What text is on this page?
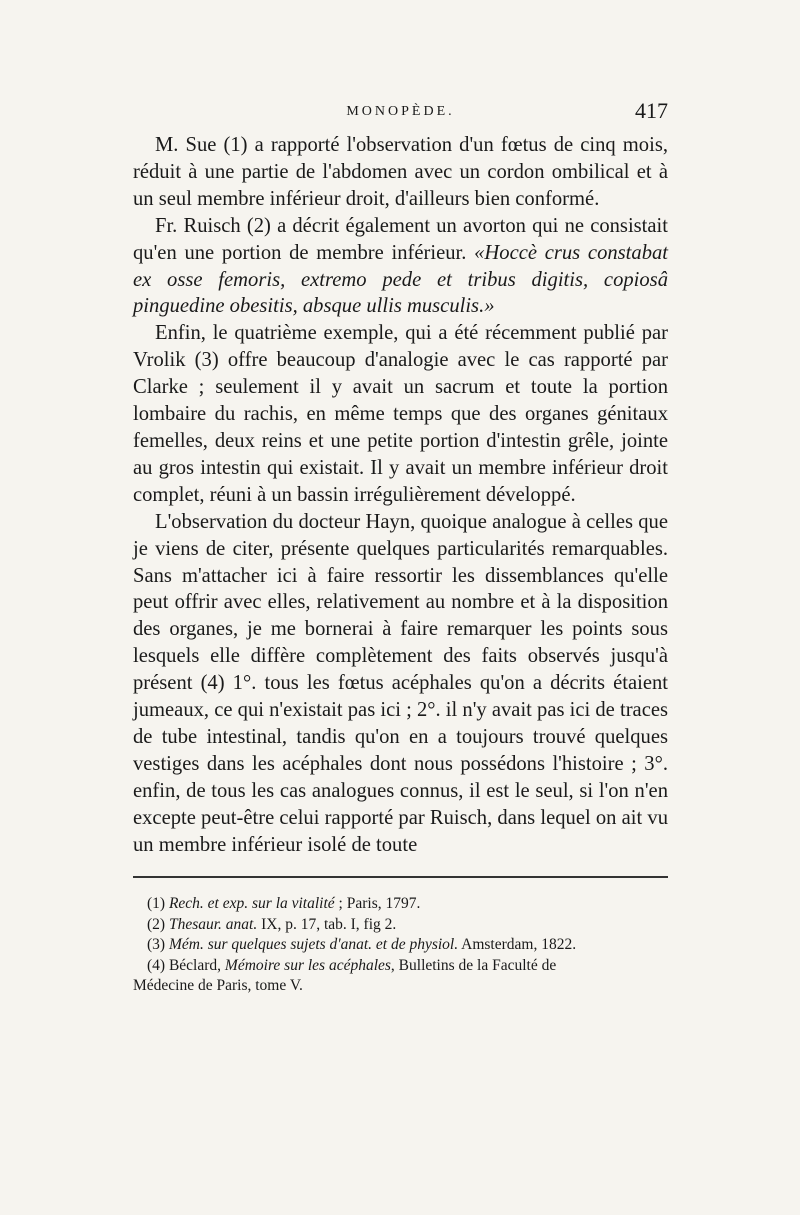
MONOPÈDE.	417

M. Sue (1) a rapporté l'observation d'un fœtus de cinq mois, réduit à une partie de l'abdomen avec un cordon ombilical et à un seul membre inférieur droit, d'ailleurs bien conformé.

Fr. Ruisch (2) a décrit également un avorton qui ne consistait qu'en une portion de membre inférieur. «Hoccè crus constabat ex osse femoris, extremo pede et tribus digitis, copiosâ pinguedine obesitis, absque ullis musculis.»

Enfin, le quatrième exemple, qui a été récemment publié par Vrolik (3) offre beaucoup d'analogie avec le cas rapporté par Clarke ; seulement il y avait un sacrum et toute la portion lombaire du rachis, en même temps que des organes génitaux femelles, deux reins et une petite portion d'intestin grêle, jointe au gros intestin qui existait. Il y avait un membre inférieur droit complet, réuni à un bassin irrégulièrement développé.

L'observation du docteur Hayn, quoique analogue à celles que je viens de citer, présente quelques particularités remarquables. Sans m'attacher ici à faire ressortir les dissemblances qu'elle peut offrir avec elles, relativement au nombre et à la disposition des organes, je me bornerai à faire remarquer les points sous lesquels elle diffère complètement des faits observés jusqu'à présent (4) 1°. tous les fœtus acéphales qu'on a décrits étaient jumeaux, ce qui n'existait pas ici ; 2°. il n'y avait pas ici de traces de tube intestinal, tandis qu'on en a toujours trouvé quelques vestiges dans les acéphales dont nous possédons l'histoire ; 3°. enfin, de tous les cas analogues connus, il est le seul, si l'on n'en excepte peut-être celui rapporté par Ruisch, dans lequel on ait vu un membre inférieur isolé de toute

(1) Rech. et exp. sur la vitalité ; Paris, 1797.
(2) Thesaur. anat. IX, p. 17, tab. I, fig 2.
(3) Mém. sur quelques sujets d'anat. et de physiol. Amsterdam, 1822.
(4) Béclard, Mémoire sur les acéphales, Bulletins de la Faculté de
Médecine de Paris, tome V.
